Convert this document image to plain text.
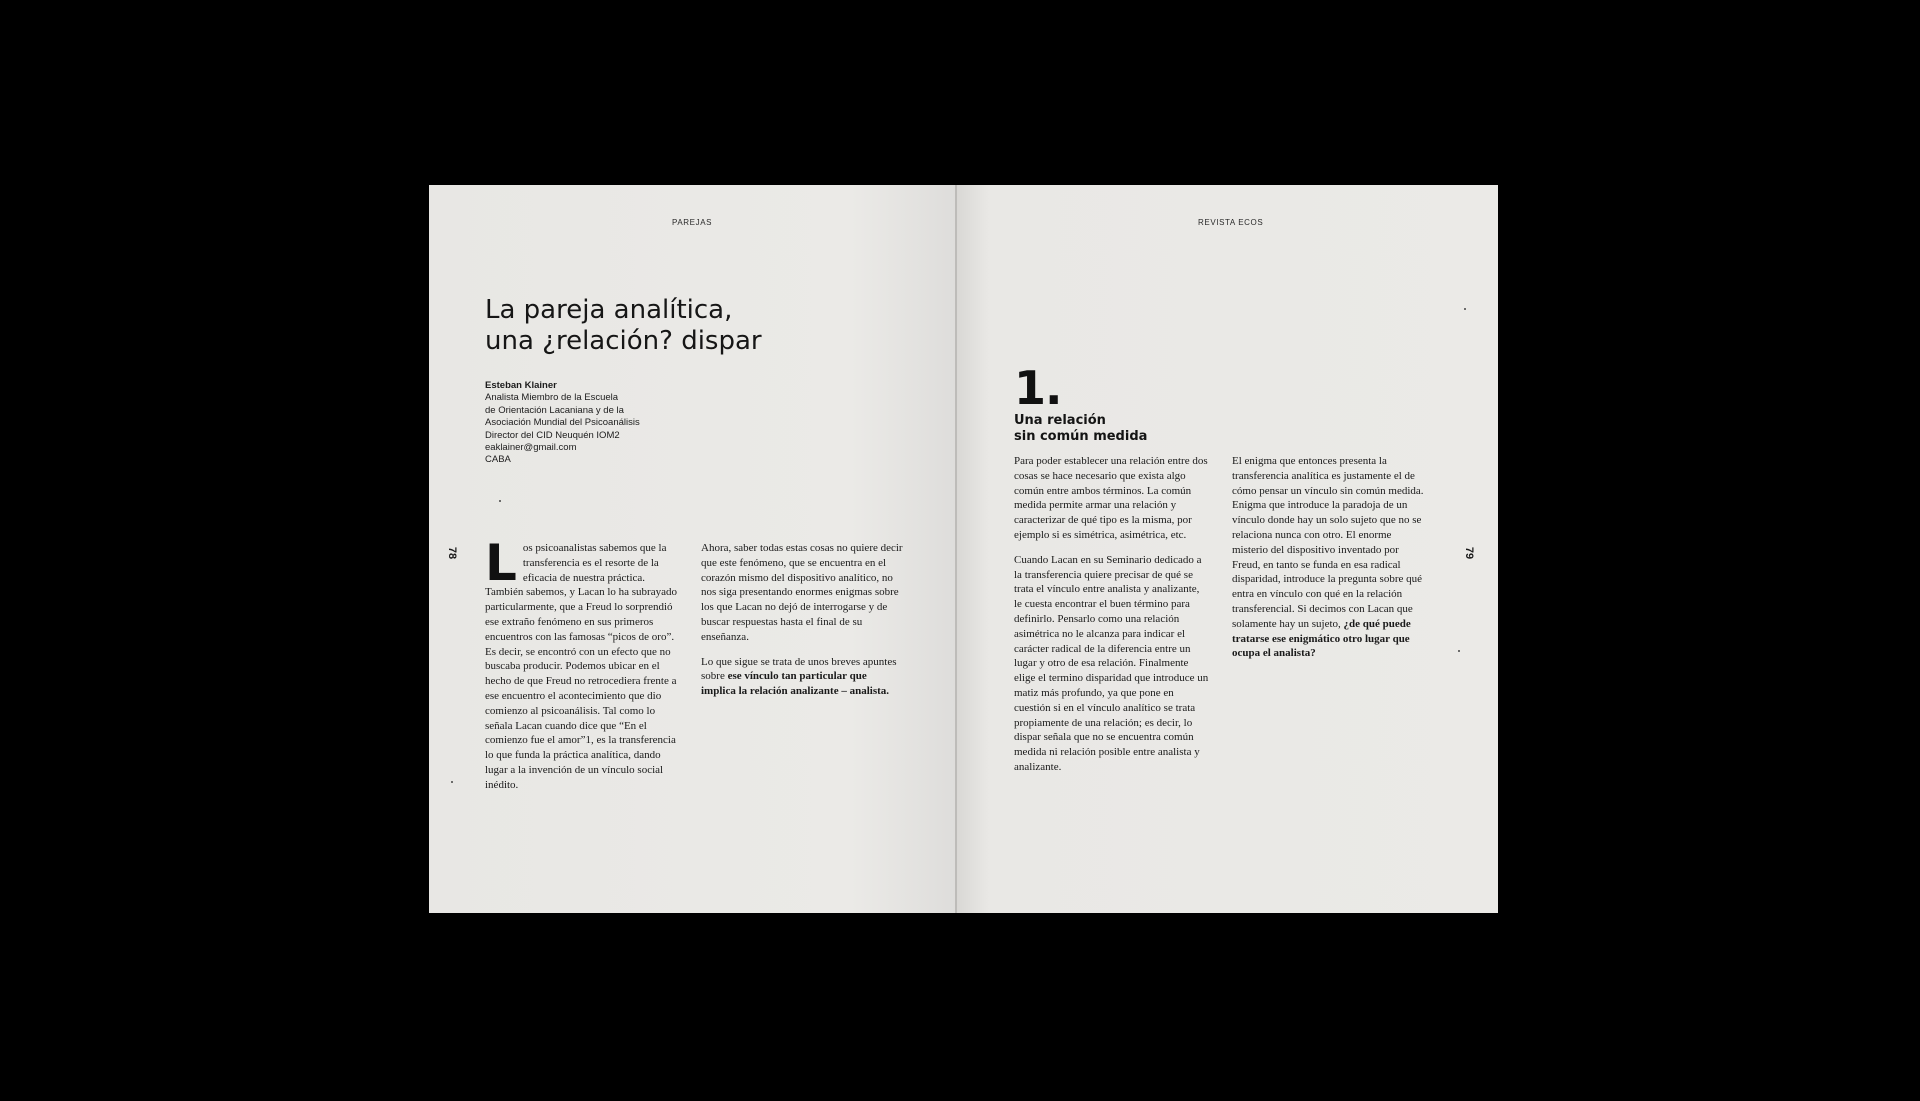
PAREJAS
La pareja analítica,
una ¿relación? dispar
Esteban Klainer
Analista Miembro de la Escuela
de Orientación Lacaniana y de la
Asociación Mundial del Psicoanálisis
Director del CID Neuquén IOM2
eaklainer@gmail.com
CABA
78 Los psicoanalistas sabemos que la transferencia es el resorte de la eficacia de nuestra práctica. También sabemos, y Lacan lo ha subrayado particularmente, que a Freud lo sorprendió ese extraño fenómeno en sus primeros encuentros con las famosas “picos de oro”. Es decir, se encontró con un efecto que no buscaba producir. Podemos ubicar en el hecho de que Freud no retrocediera frente a ese encuentro el acontecimiento que dio comienzo al psicoanálisis. Tal como lo señala Lacan cuando dice que “En el comienzo fue el amor”1, es la transferencia lo que funda la práctica analítica, dando lugar a la invención de un vínculo social inédito.

Ahora, saber todas estas cosas no quiere decir que este fenómeno, que se encuentra en el corazón mismo del dispositivo analítico, no nos siga presentando enormes enigmas sobre los que Lacan no dejó de interrogarse y de buscar respuestas hasta el final de su enseñanza.

Lo que sigue se trata de unos breves apuntes sobre ese vínculo tan particular que implica la relación analizante – analista.

REVISTA ECOS
1.
Una relación
sin común medida

Para poder establecer una relación entre dos cosas se hace necesario que exista algo común entre ambos términos. La común medida permite armar una relación y caracterizar de qué tipo es la misma, por ejemplo si es simétrica, asimétrica, etc.

Cuando Lacan en su Seminario dedicado a la transferencia quiere precisar de qué se trata el vínculo entre analista y analizante, le cuesta encontrar el buen término para definirlo. Pensarlo como una relación asimétrica no le alcanza para indicar el carácter radical de la diferencia entre un lugar y otro de esa relación. Finalmente elige el termino disparidad que introduce un matiz más profundo, ya que pone en cuestión si en el vínculo analítico se trata propiamente de una relación; es decir, lo dispar señala que no se encuentra común medida ni relación posible entre analista y analizante.

El enigma que entonces presenta la transferencia analítica es justamente el de cómo pensar un vínculo sin común medida. Enigma que introduce la paradoja de un vínculo donde hay un solo sujeto que no se relaciona nunca con otro. El enorme misterio del dispositivo inventado por Freud, en tanto se funda en esa radical disparidad, introduce la pregunta sobre qué entra en vínculo con qué en la relación transferencial. Si decimos con Lacan que solamente hay un sujeto, ¿de qué puede tratarse ese enigmático otro lugar que ocupa el analista?

79
